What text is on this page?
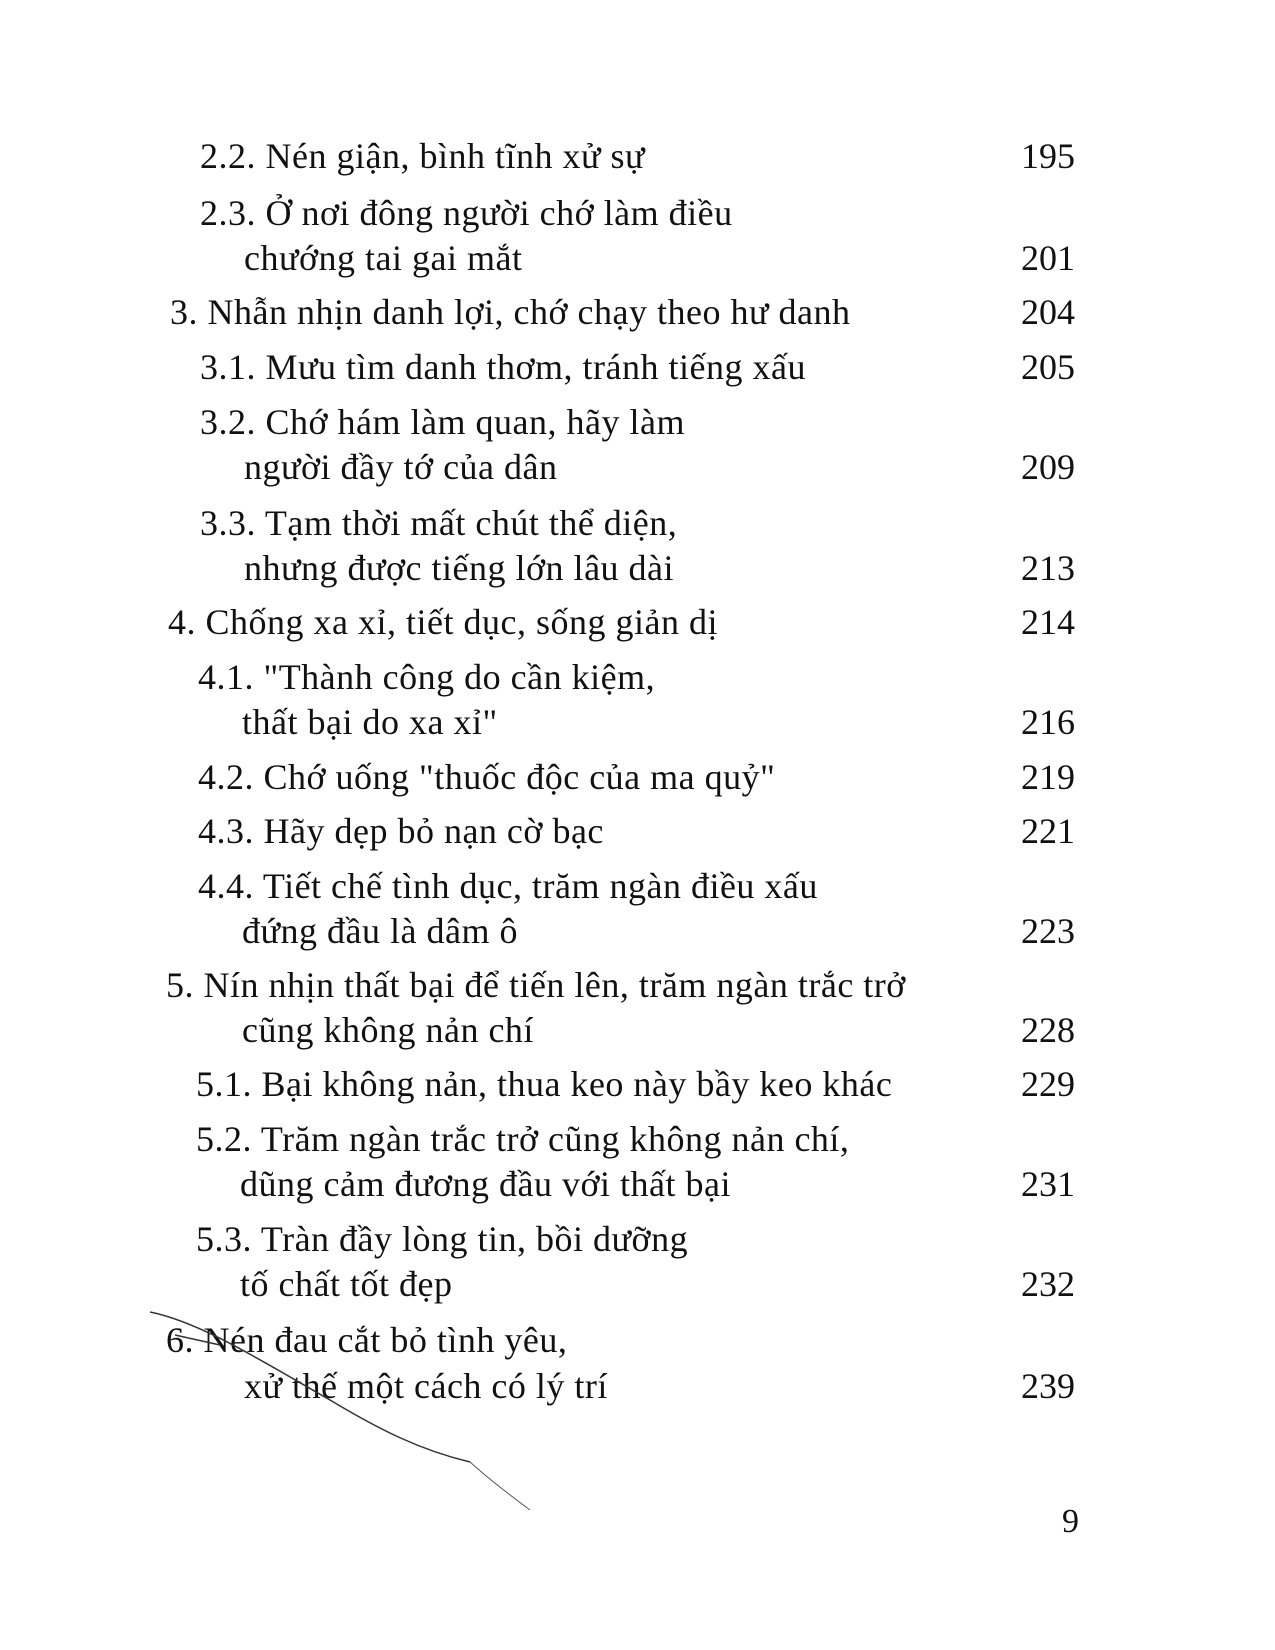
2.2. Nén giận, bình tĩnh xử sự	195
2.3. Ở nơi đông người chớ làm điều
chướng tai gai mắt	201
3. Nhẫn nhịn danh lợi, chớ chạy theo hư danh	204
3.1. Mưu tìm danh thơm, tránh tiếng xấu	205
3.2. Chớ hám làm quan, hãy làm
người đầy tớ của dân	209
3.3. Tạm thời mất chút thể diện,
nhưng được tiếng lớn lâu dài	213
4. Chống xa xỉ, tiết dục, sống giản dị	214
4.1. "Thành công do cần kiệm,
thất bại do xa xỉ"	216
4.2. Chớ uống "thuốc độc của ma quỷ"	219
4.3. Hãy dẹp bỏ nạn cờ bạc	221
4.4. Tiết chế tình dục, trăm ngàn điều xấu
đứng đầu là dâm ô	223
5. Nín nhịn thất bại để tiến lên, trăm ngàn trắc trở
cũng không nản chí	228
5.1. Bại không nản, thua keo này bầy keo khác	229
5.2. Trăm ngàn trắc trở cũng không nản chí,
dũng cảm đương đầu với thất bại	231
5.3. Tràn đầy lòng tin, bồi dưỡng
tố chất tốt đẹp	232
6. Nén đau cắt bỏ tình yêu,
xử thế một cách có lý trí	239
9
